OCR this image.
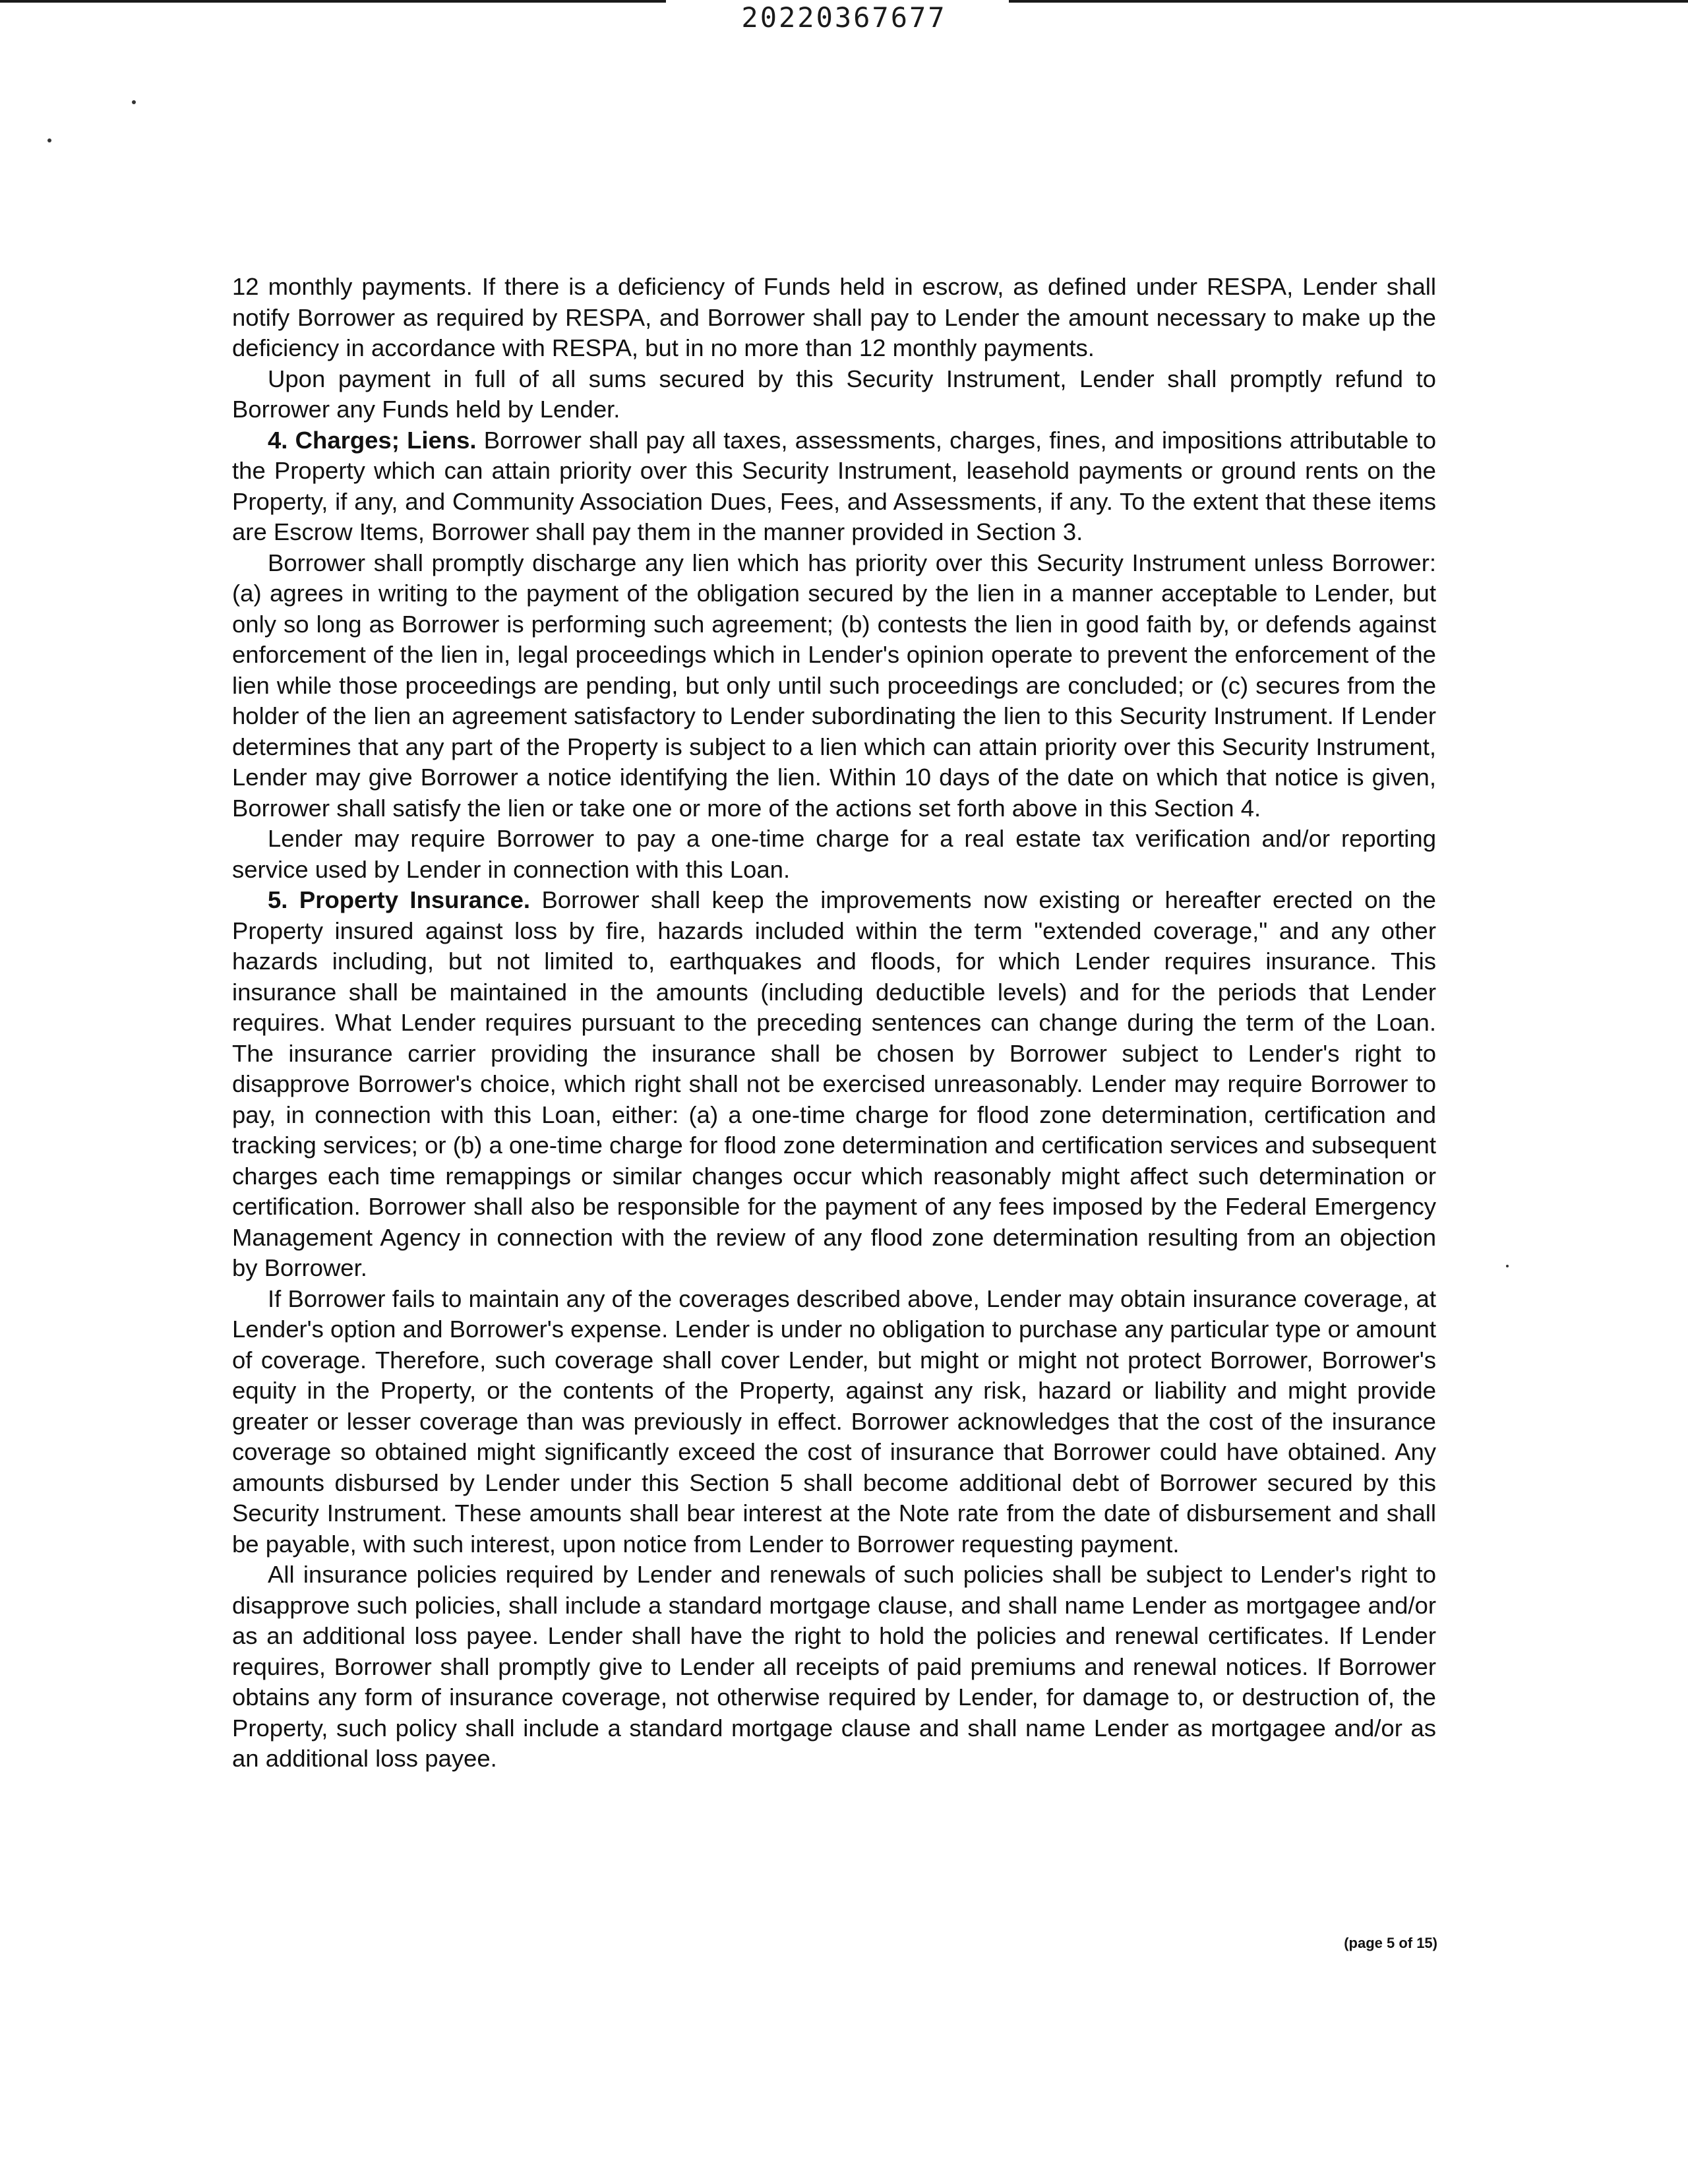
20220367677

12 monthly payments. If there is a deficiency of Funds held in escrow, as defined under RESPA, Lender shall notify Borrower as required by RESPA, and Borrower shall pay to Lender the amount necessary to make up the deficiency in accordance with RESPA, but in no more than 12 monthly payments.

Upon payment in full of all sums secured by this Security Instrument, Lender shall promptly refund to Borrower any Funds held by Lender.

4. Charges; Liens. Borrower shall pay all taxes, assessments, charges, fines, and impositions attributable to the Property which can attain priority over this Security Instrument, leasehold payments or ground rents on the Property, if any, and Community Association Dues, Fees, and Assessments, if any. To the extent that these items are Escrow Items, Borrower shall pay them in the manner provided in Section 3.

Borrower shall promptly discharge any lien which has priority over this Security Instrument unless Borrower: (a) agrees in writing to the payment of the obligation secured by the lien in a manner acceptable to Lender, but only so long as Borrower is performing such agreement; (b) contests the lien in good faith by, or defends against enforcement of the lien in, legal proceedings which in Lender's opinion operate to prevent the enforcement of the lien while those proceedings are pending, but only until such proceedings are concluded; or (c) secures from the holder of the lien an agreement satisfactory to Lender subordinating the lien to this Security Instrument. If Lender determines that any part of the Property is subject to a lien which can attain priority over this Security Instrument, Lender may give Borrower a notice identifying the lien. Within 10 days of the date on which that notice is given, Borrower shall satisfy the lien or take one or more of the actions set forth above in this Section 4.

Lender may require Borrower to pay a one-time charge for a real estate tax verification and/or reporting service used by Lender in connection with this Loan.

5. Property Insurance. Borrower shall keep the improvements now existing or hereafter erected on the Property insured against loss by fire, hazards included within the term "extended coverage," and any other hazards including, but not limited to, earthquakes and floods, for which Lender requires insurance. This insurance shall be maintained in the amounts (including deductible levels) and for the periods that Lender requires. What Lender requires pursuant to the preceding sentences can change during the term of the Loan. The insurance carrier providing the insurance shall be chosen by Borrower subject to Lender's right to disapprove Borrower's choice, which right shall not be exercised unreasonably. Lender may require Borrower to pay, in connection with this Loan, either: (a) a one-time charge for flood zone determination, certification and tracking services; or (b) a one-time charge for flood zone determination and certification services and subsequent charges each time remappings or similar changes occur which reasonably might affect such determination or certification. Borrower shall also be responsible for the payment of any fees imposed by the Federal Emergency Management Agency in connection with the review of any flood zone determination resulting from an objection by Borrower.

If Borrower fails to maintain any of the coverages described above, Lender may obtain insurance coverage, at Lender's option and Borrower's expense. Lender is under no obligation to purchase any particular type or amount of coverage. Therefore, such coverage shall cover Lender, but might or might not protect Borrower, Borrower's equity in the Property, or the contents of the Property, against any risk, hazard or liability and might provide greater or lesser coverage than was previously in effect. Borrower acknowledges that the cost of the insurance coverage so obtained might significantly exceed the cost of insurance that Borrower could have obtained. Any amounts disbursed by Lender under this Section 5 shall become additional debt of Borrower secured by this Security Instrument. These amounts shall bear interest at the Note rate from the date of disbursement and shall be payable, with such interest, upon notice from Lender to Borrower requesting payment.

All insurance policies required by Lender and renewals of such policies shall be subject to Lender's right to disapprove such policies, shall include a standard mortgage clause, and shall name Lender as mortgagee and/or as an additional loss payee. Lender shall have the right to hold the policies and renewal certificates. If Lender requires, Borrower shall promptly give to Lender all receipts of paid premiums and renewal notices. If Borrower obtains any form of insurance coverage, not otherwise required by Lender, for damage to, or destruction of, the Property, such policy shall include a standard mortgage clause and shall name Lender as mortgagee and/or as an additional loss payee.

(page 5 of 15)
